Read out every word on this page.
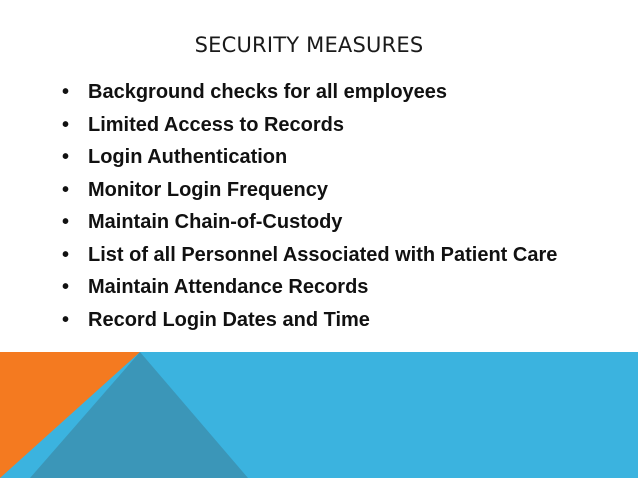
SECURITY MEASURES
• Background checks for all employees
• Limited Access to Records
• Login Authentication
• Monitor Login Frequency
• Maintain Chain-of-Custody
• List of all Personnel Associated with Patient Care
• Maintain Attendance Records
• Record Login Dates and Time
